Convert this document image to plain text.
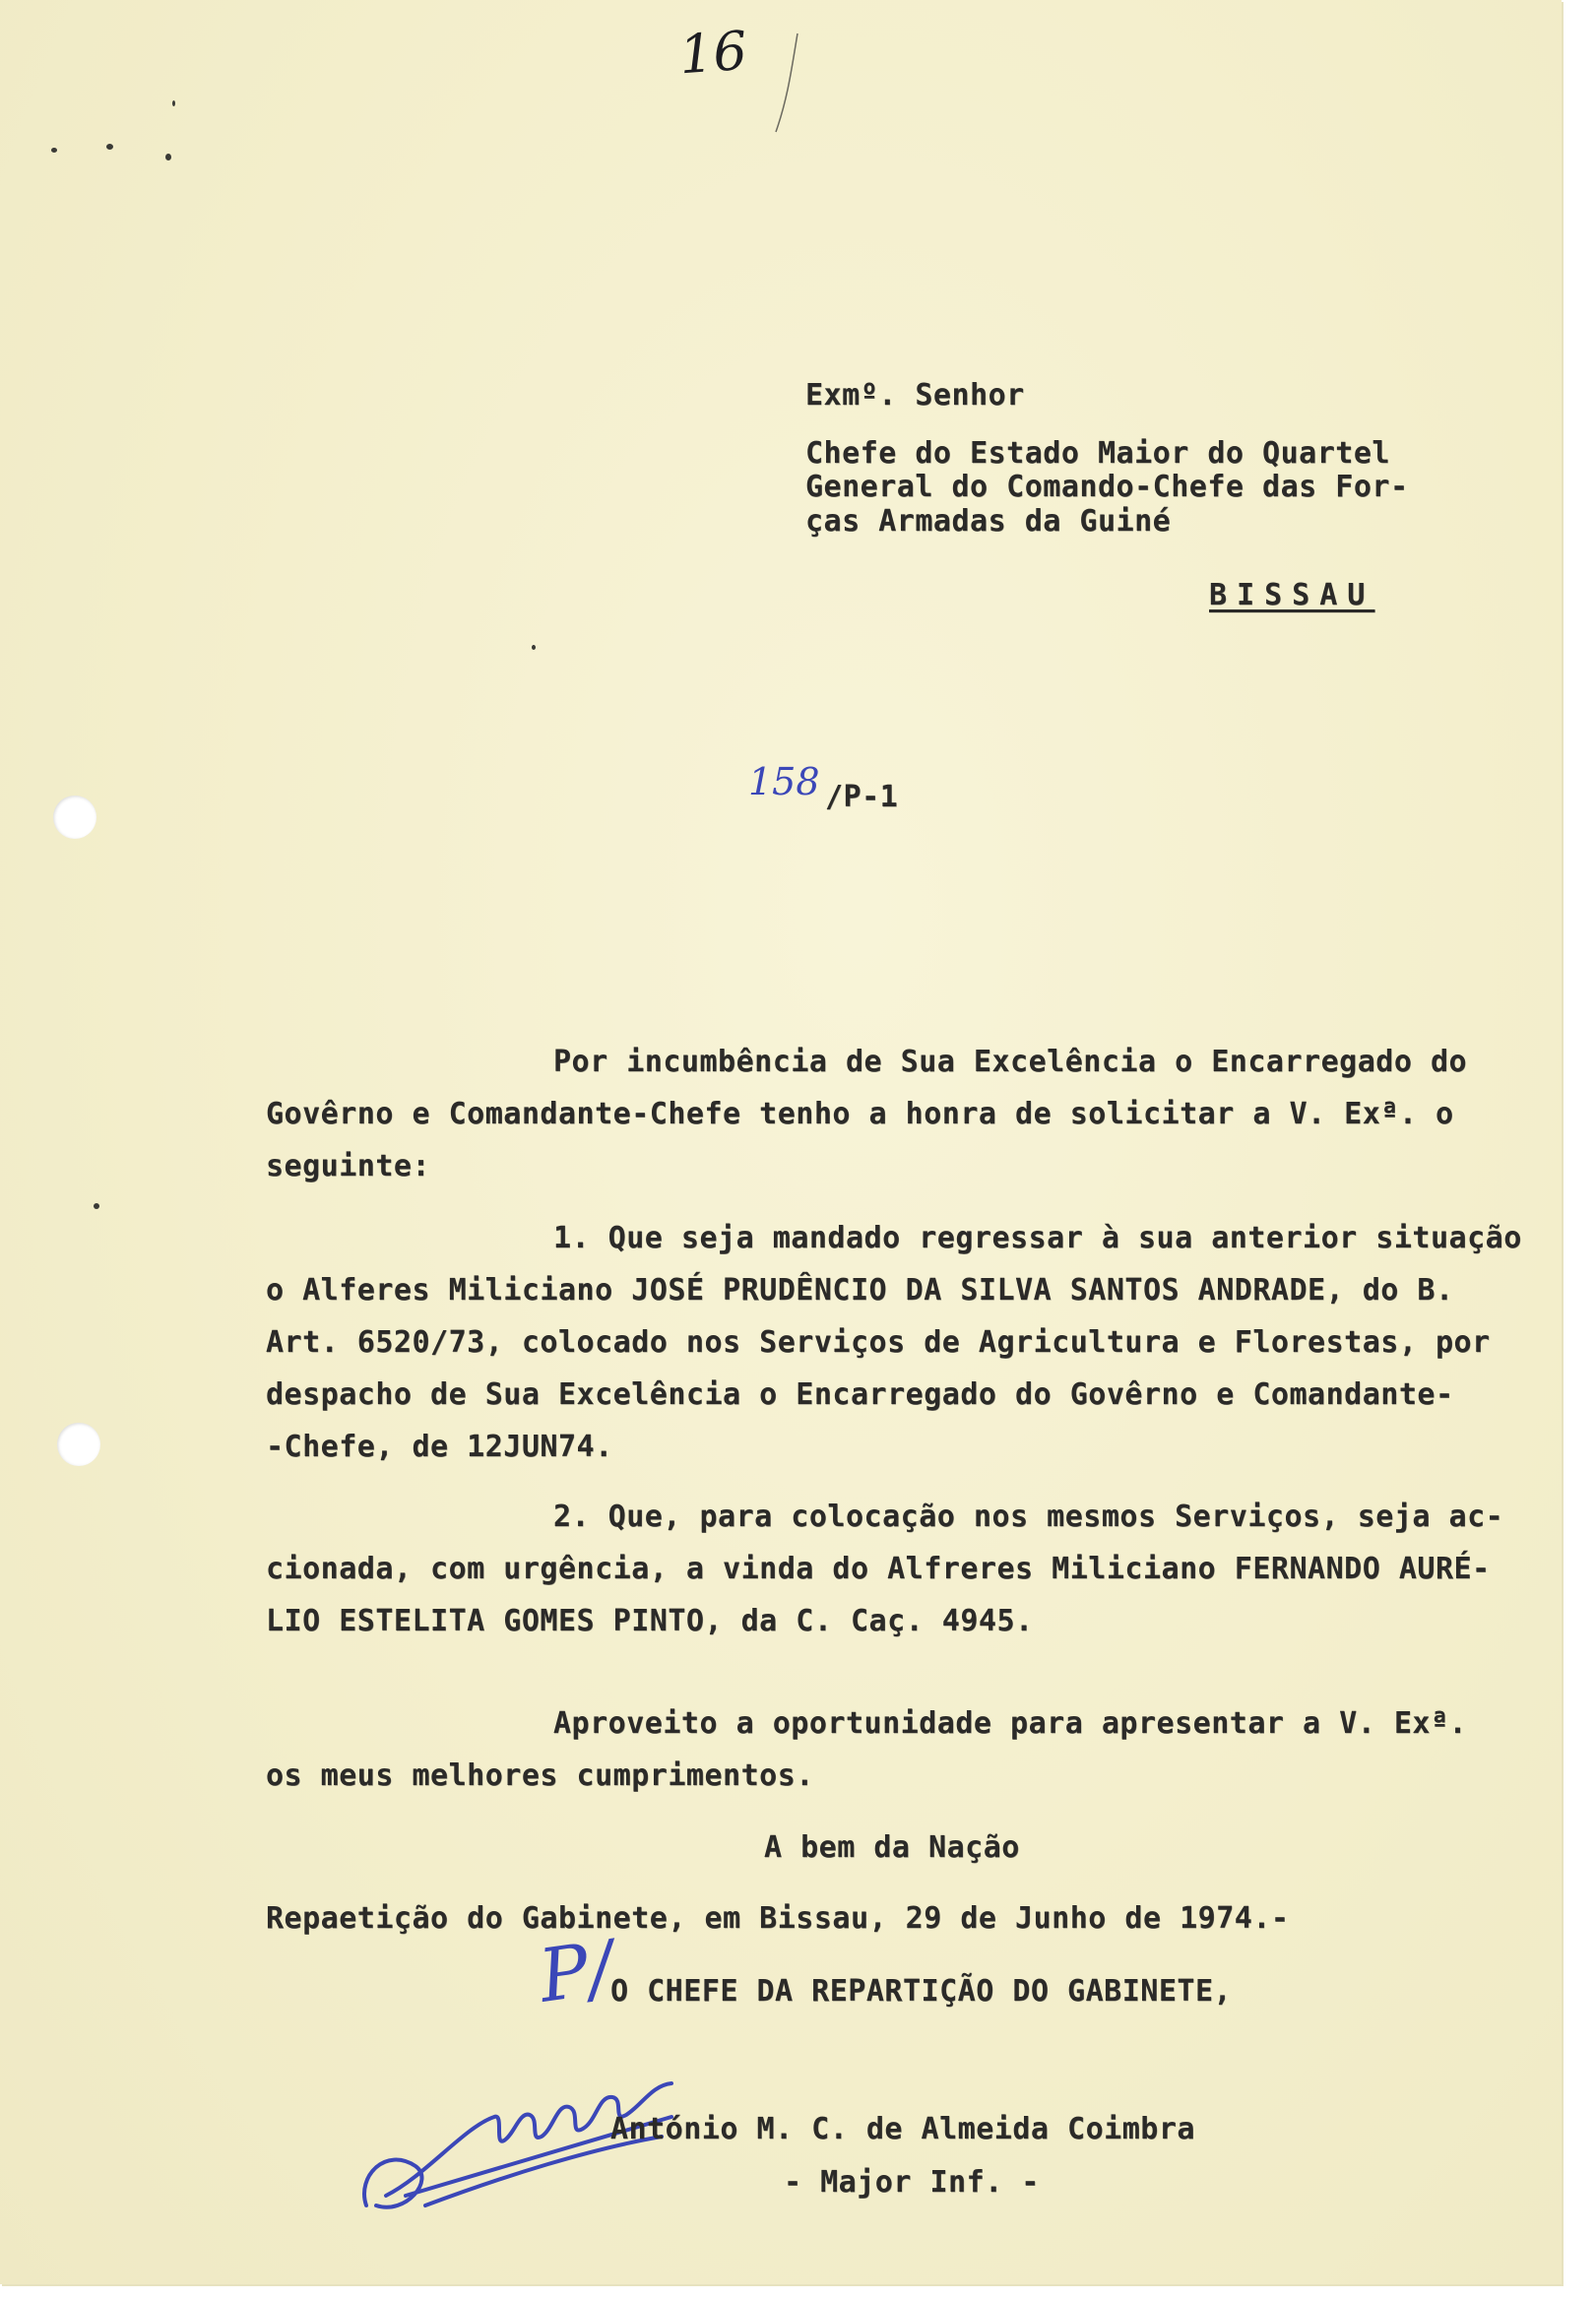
16

Exmº. Senhor

Chefe do Estado Maior do Quartel

General do Comando-Chefe das For-

ças Armadas da Guiné

BISSAU

158 /P-1

Por incumbência de Sua Excelência o Encarregado do

Govêrno e Comandante-Chefe tenho a honra de solicitar a V. Exª. o

seguinte:

1. Que seja mandado regressar à sua anterior situação

o Alferes Miliciano JOSÉ PRUDÊNCIO DA SILVA SANTOS ANDRADE, do B.

Art. 6520/73, colocado nos Serviços de Agricultura e Florestas, por

despacho de Sua Excelência o Encarregado do Govêrno e Comandante-

-Chefe, de 12JUN74.

2. Que, para colocação nos mesmos Serviços, seja ac-

cionada, com urgência, a vinda do Alfreres Miliciano FERNANDO AURÉ-

LIO ESTELITA GOMES PINTO, da C. Caç. 4945.

Aproveito a oportunidade para apresentar a V. Exª.

os meus melhores cumprimentos.

A bem da Nação

Repaetição do Gabinete, em Bissau, 29 de Junho de 1974.-

P/

O CHEFE DA REPARTIÇÃO DO GABINETE,

António M. C. de Almeida Coimbra

- Major Inf. -
